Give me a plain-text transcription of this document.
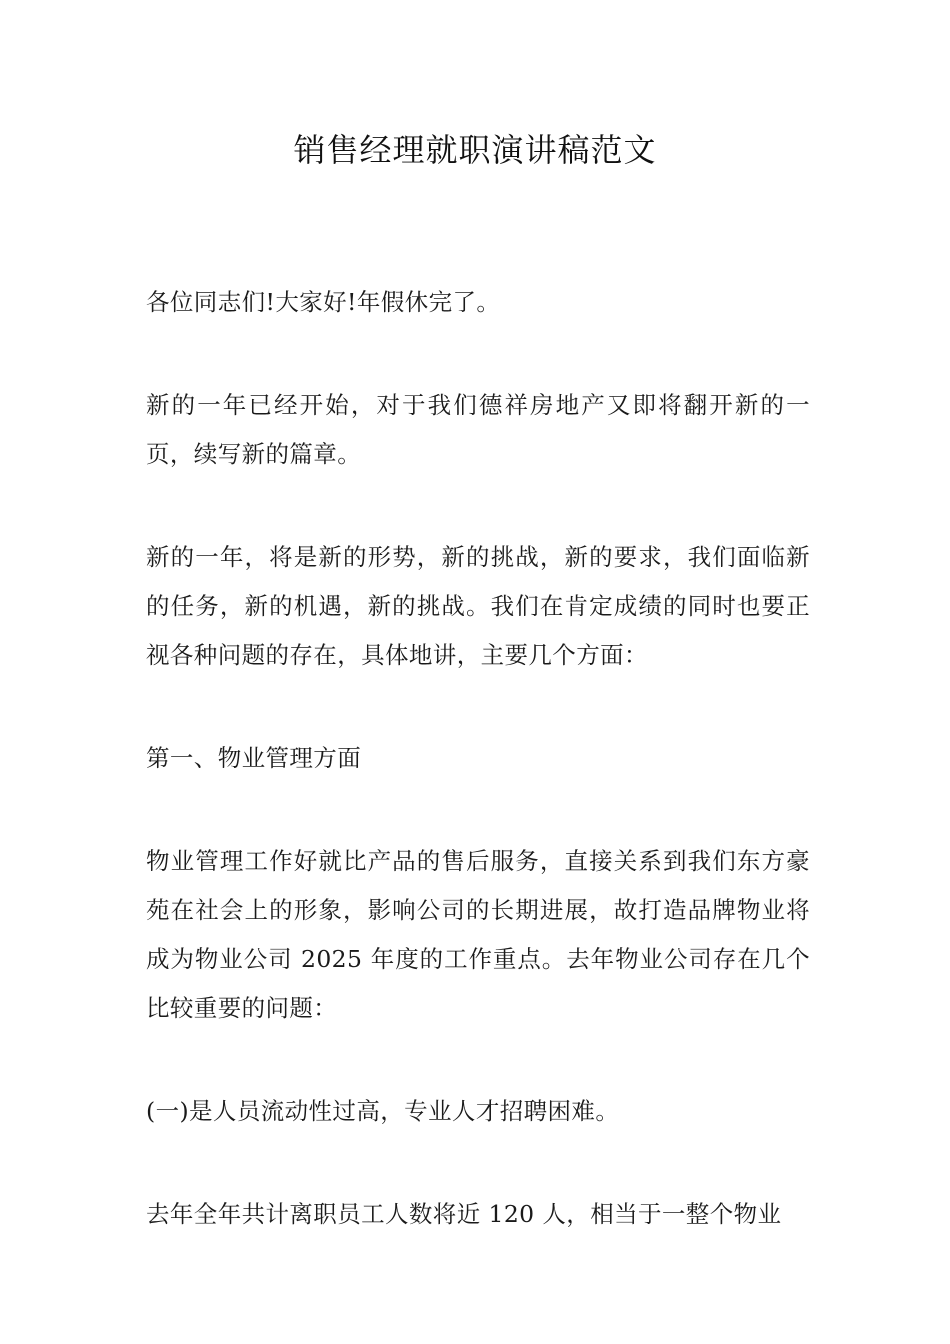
销售经理就职演讲稿范文

各位同志们!大家好!年假休完了。

新的一年已经开始，对于我们德祥房地产又即将翻开新的一页，续写新的篇章。

新的一年，将是新的形势，新的挑战，新的要求，我们面临新的任务，新的机遇，新的挑战。我们在肯定成绩的同时也要正视各种问题的存在，具体地讲，主要几个方面：

第一、物业管理方面

物业管理工作好就比产品的售后服务，直接关系到我们东方豪苑在社会上的形象，影响公司的长期进展，故打造品牌物业将成为物业公司 2025 年度的工作重点。去年物业公司存在几个比较重要的问题：

(一)是人员流动性过高，专业人才招聘困难。

去年全年共计离职员工人数将近 120 人，相当于一整个物业
